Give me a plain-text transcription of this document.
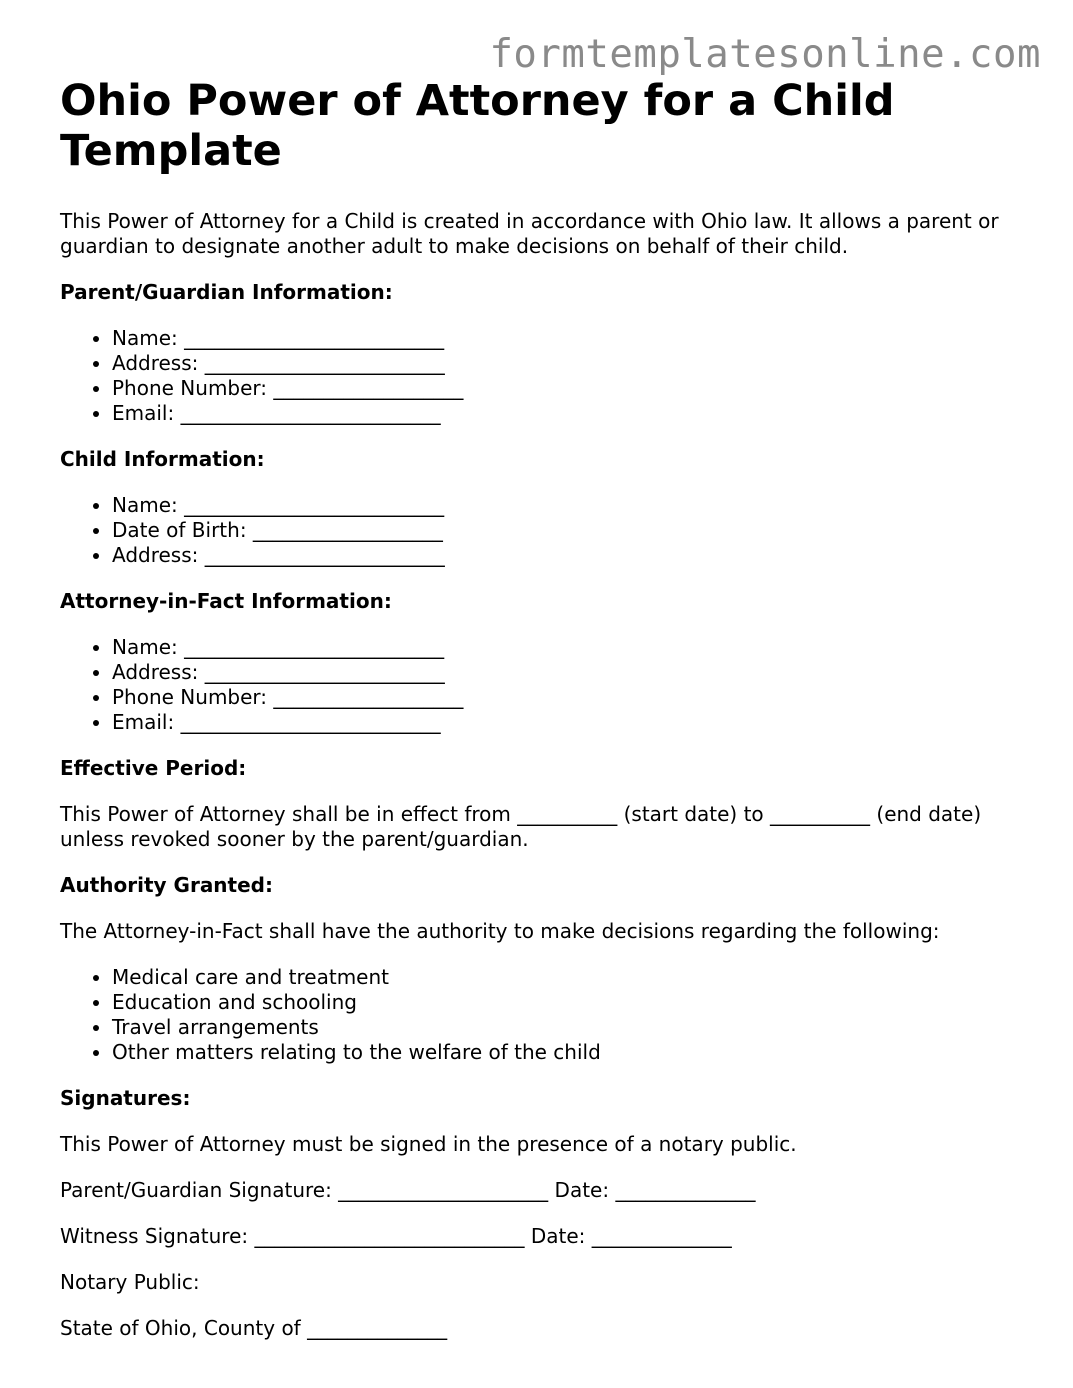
formtemplatesonline.com
Ohio Power of Attorney for a Child Template

This Power of Attorney for a Child is created in accordance with Ohio law. It allows a parent or guardian to designate another adult to make decisions on behalf of their child.

Parent/Guardian Information:
• Name: __________________________
• Address: ________________________
• Phone Number: ___________________
• Email: __________________________
Child Information:
• Name: __________________________
• Date of Birth: ___________________
• Address: ________________________
Attorney-in-Fact Information:
• Name: __________________________
• Address: ________________________
• Phone Number: ___________________
• Email: __________________________
Effective Period:

This Power of Attorney shall be in effect from __________ (start date) to __________ (end date) unless revoked sooner by the parent/guardian.

Authority Granted:

The Attorney-in-Fact shall have the authority to make decisions regarding the following:

• Medical care and treatment
• Education and schooling
• Travel arrangements
• Other matters relating to the welfare of the child
Signatures:

This Power of Attorney must be signed in the presence of a notary public.

Parent/Guardian Signature: _____________________ Date: ______________

Witness Signature: ___________________________ Date: ______________

Notary Public:

State of Ohio, County of ______________
